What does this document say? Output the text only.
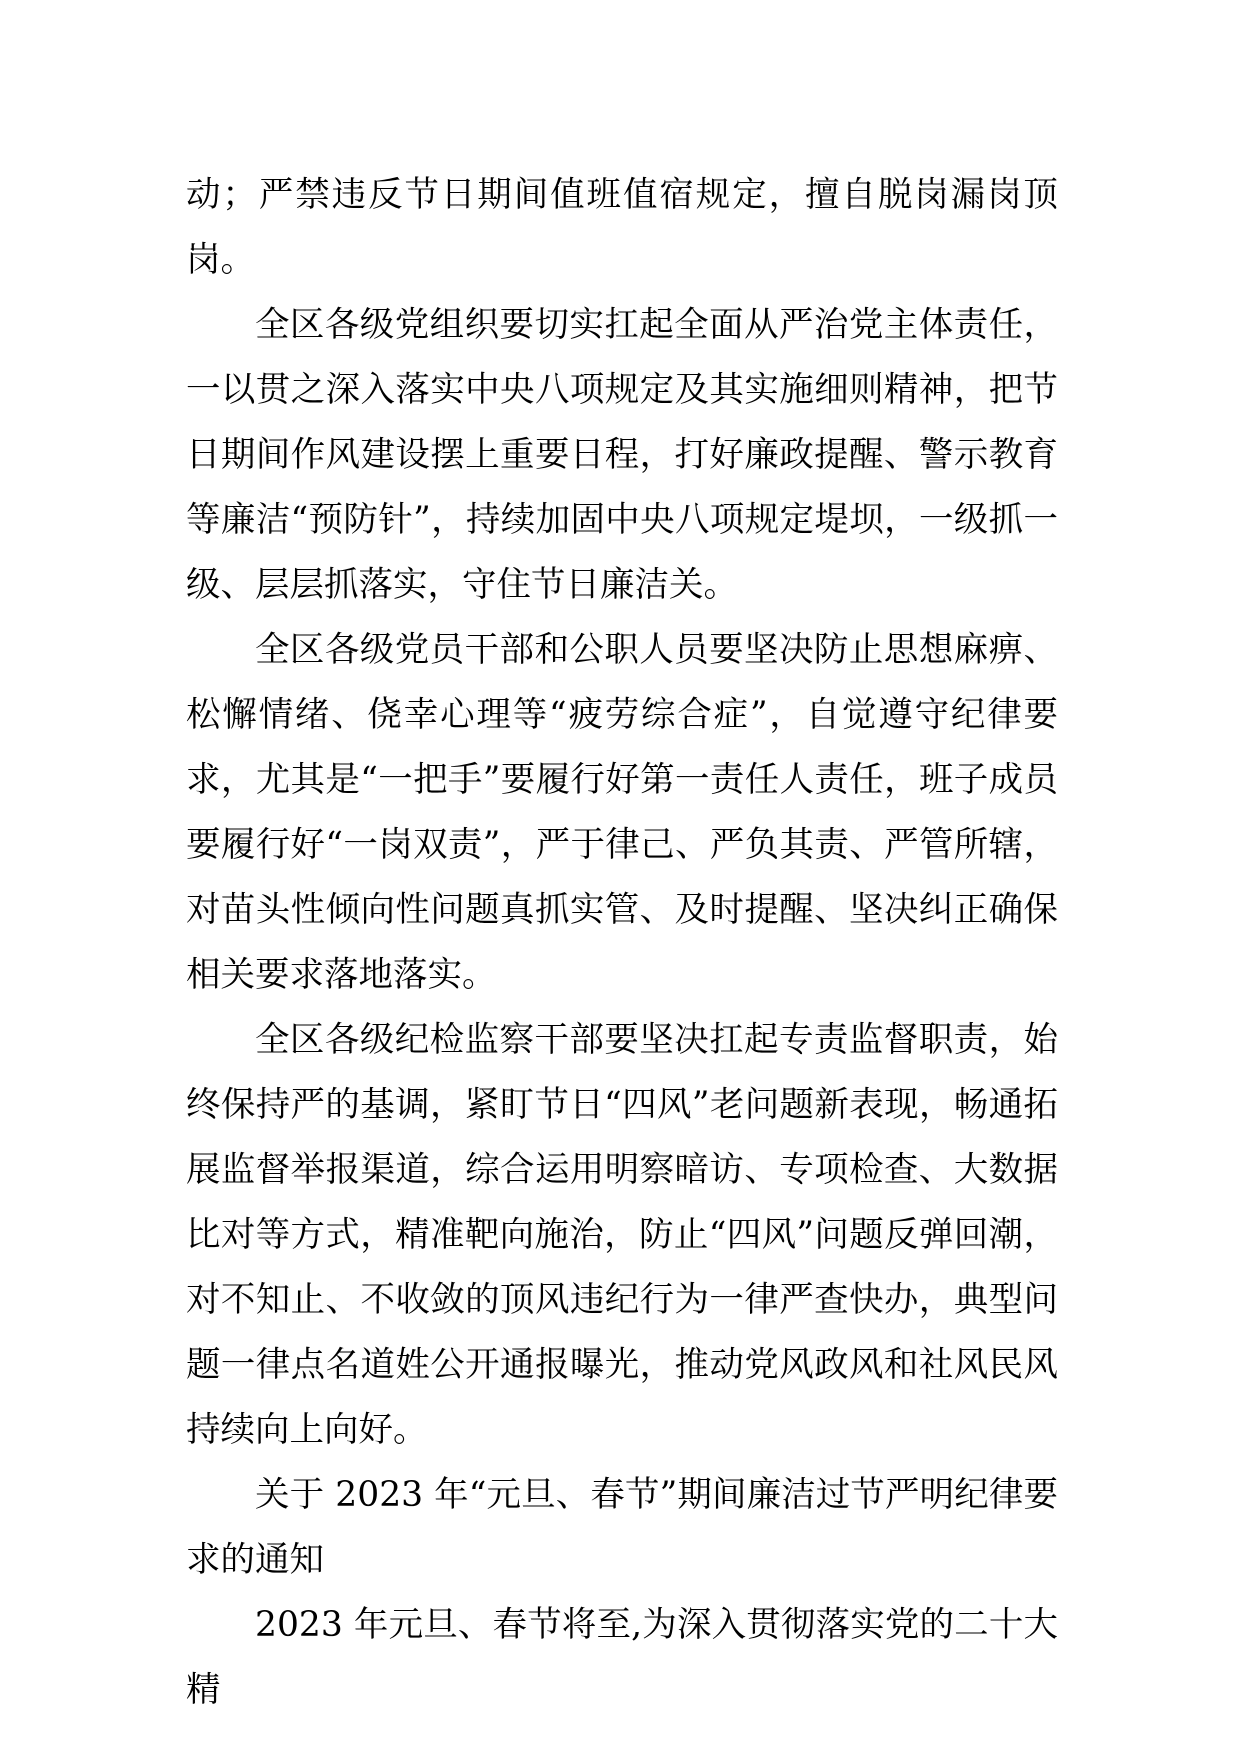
动；严禁违反节日期间值班值宿规定，擅自脱岗漏岗顶岗。

全区各级党组织要切实扛起全面从严治党主体责任，一以贯之深入落实中央八项规定及其实施细则精神，把节日期间作风建设摆上重要日程，打好廉政提醒、警示教育等廉洁“预防针”，持续加固中央八项规定堤坝，一级抓一级、层层抓落实，守住节日廉洁关。

全区各级党员干部和公职人员要坚决防止思想麻痹、松懈情绪、侥幸心理等“疲劳综合症”，自觉遵守纪律要求，尤其是“一把手”要履行好第一责任人责任，班子成员要履行好“一岗双责”，严于律己、严负其责、严管所辖，对苗头性倾向性问题真抓实管、及时提醒、坚决纠正确保相关要求落地落实。

全区各级纪检监察干部要坚决扛起专责监督职责，始终保持严的基调，紧盯节日“四风”老问题新表现，畅通拓展监督举报渠道，综合运用明察暗访、专项检查、大数据比对等方式，精准靶向施治，防止“四风”问题反弹回潮，对不知止、不收敛的顶风违纪行为一律严查快办，典型问题一律点名道姓公开通报曝光，推动党风政风和社风民风持续向上向好。

关于 2023 年“元旦、春节”期间廉洁过节严明纪律要求的通知

2023 年元旦、春节将至,为深入贯彻落实党的二十大精
